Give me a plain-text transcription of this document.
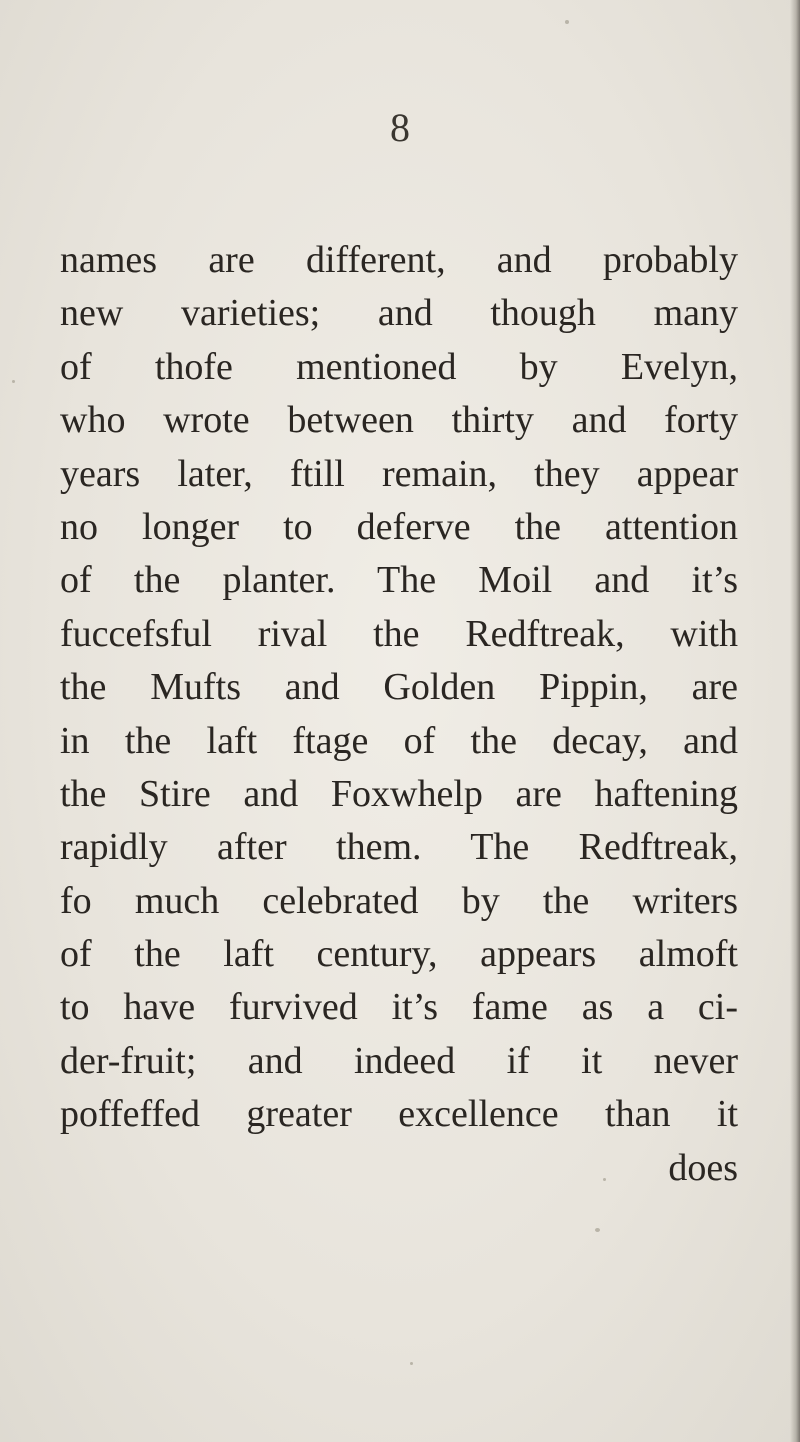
8
names are different, and probably
new varieties; and though many
of thofe mentioned by Evelyn,
who wrote between thirty and forty
years later, ftill remain, they appear
no longer to deferve the attention
of the planter. The Moil and it’s
fuccefsful rival the Redftreak, with
the Mufts and Golden Pippin, are
in the laft ftage of the decay, and
the Stire and Foxwhelp are haftening
rapidly after them. The Redftreak,
fo much celebrated by the writers
of the laft century, appears almoft
to have furvived it’s fame as a ci-
der-fruit; and indeed if it never
poffeffed greater excellence than it
does
